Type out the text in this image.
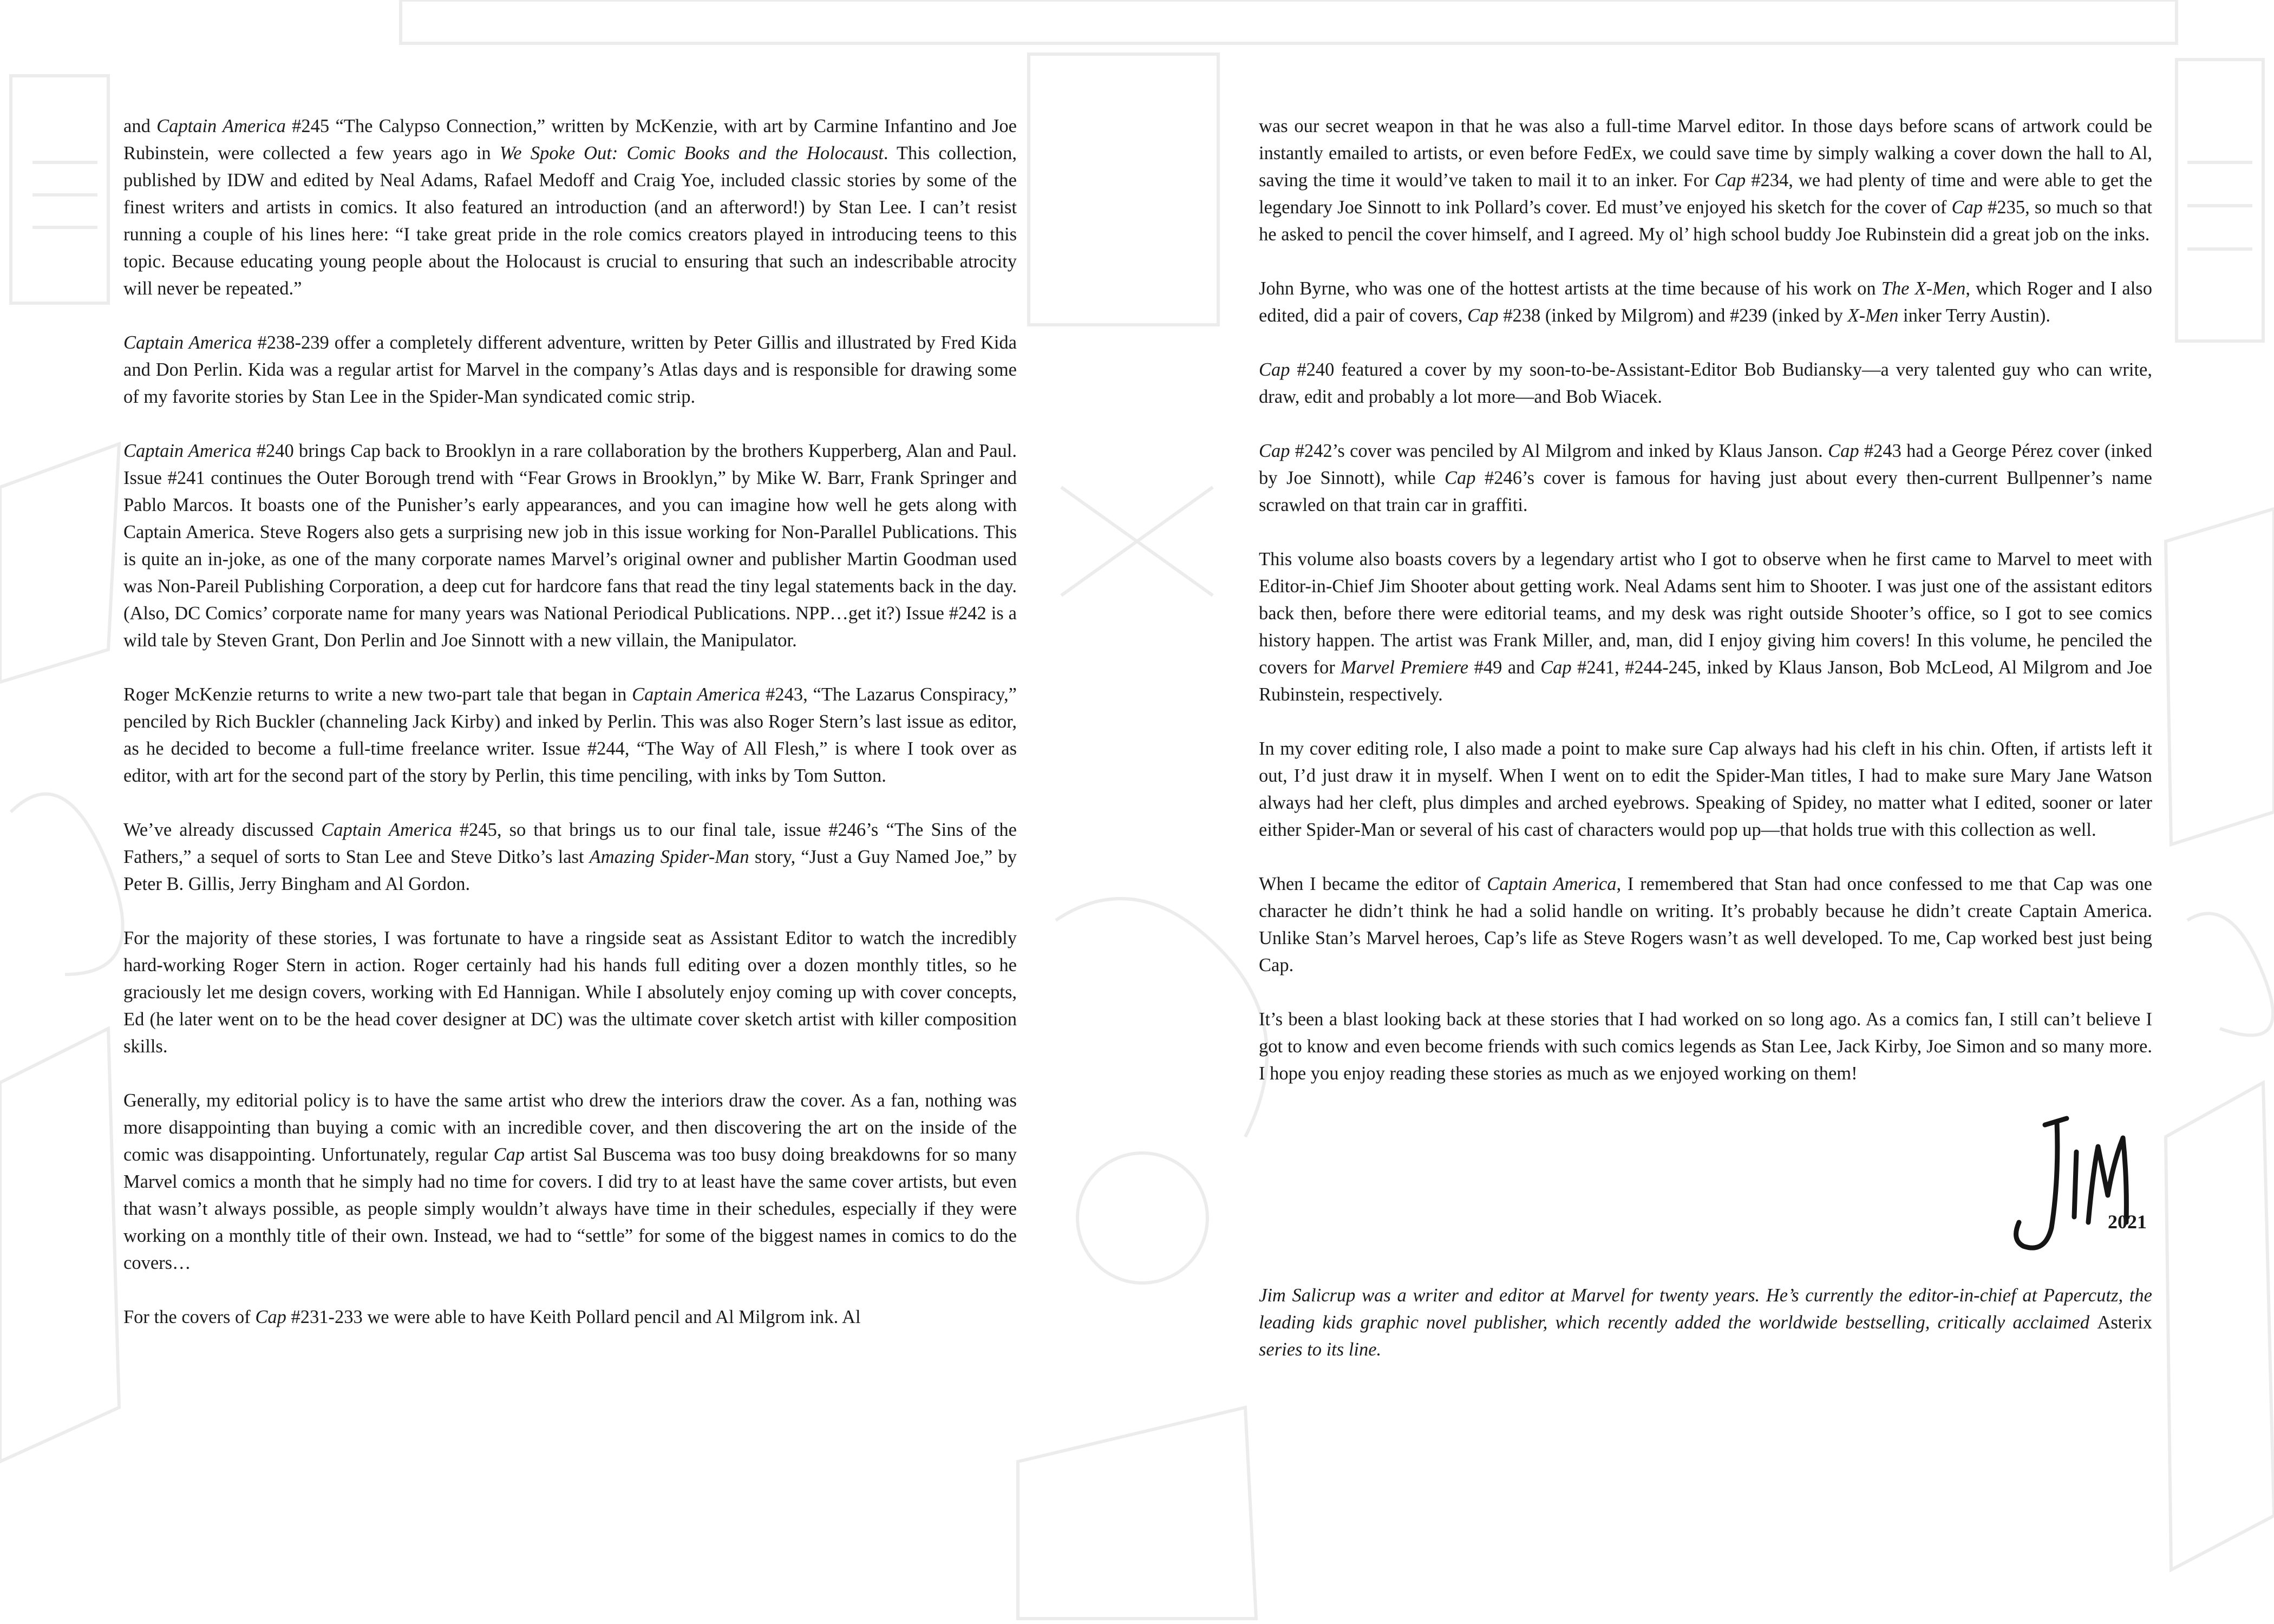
and Captain America #245 “The Calypso Connection,” written by McKenzie, with art by Carmine Infantino and Joe Rubinstein, were collected a few years ago in We Spoke Out: Comic Books and the Holocaust. This collection, published by IDW and edited by Neal Adams, Rafael Medoff and Craig Yoe, included classic stories by some of the finest writers and artists in comics. It also featured an introduction (and an afterword!) by Stan Lee. I can’t resist running a couple of his lines here: “I take great pride in the role comics creators played in introducing teens to this topic. Because educating young people about the Holocaust is crucial to ensuring that such an indescribable atrocity will never be repeated.”

Captain America #238-239 offer a completely different adventure, written by Peter Gillis and illustrated by Fred Kida and Don Perlin. Kida was a regular artist for Marvel in the company’s Atlas days and is responsible for drawing some of my favorite stories by Stan Lee in the Spider-Man syndicated comic strip.

Captain America #240 brings Cap back to Brooklyn in a rare collaboration by the brothers Kupperberg, Alan and Paul. Issue #241 continues the Outer Borough trend with “Fear Grows in Brooklyn,” by Mike W. Barr, Frank Springer and Pablo Marcos. It boasts one of the Punisher’s early appearances, and you can imagine how well he gets along with Captain America. Steve Rogers also gets a surprising new job in this issue working for Non-Parallel Publications. This is quite an in-joke, as one of the many corporate names Marvel’s original owner and publisher Martin Goodman used was Non-Pareil Publishing Corporation, a deep cut for hardcore fans that read the tiny legal statements back in the day. (Also, DC Comics’ corporate name for many years was National Periodical Publications. NPP…get it?) Issue #242 is a wild tale by Steven Grant, Don Perlin and Joe Sinnott with a new villain, the Manipulator.

Roger McKenzie returns to write a new two-part tale that began in Captain America #243, “The Lazarus Conspiracy,” penciled by Rich Buckler (channeling Jack Kirby) and inked by Perlin. This was also Roger Stern’s last issue as editor, as he decided to become a full-time freelance writer. Issue #244, “The Way of All Flesh,” is where I took over as editor, with art for the second part of the story by Perlin, this time penciling, with inks by Tom Sutton.

We’ve already discussed Captain America #245, so that brings us to our final tale, issue #246’s “The Sins of the Fathers,” a sequel of sorts to Stan Lee and Steve Ditko’s last Amazing Spider-Man story, “Just a Guy Named Joe,” by Peter B. Gillis, Jerry Bingham and Al Gordon.

For the majority of these stories, I was fortunate to have a ringside seat as Assistant Editor to watch the incredibly hard-working Roger Stern in action. Roger certainly had his hands full editing over a dozen monthly titles, so he graciously let me design covers, working with Ed Hannigan. While I absolutely enjoy coming up with cover concepts, Ed (he later went on to be the head cover designer at DC) was the ultimate cover sketch artist with killer composition skills.

Generally, my editorial policy is to have the same artist who drew the interiors draw the cover. As a fan, nothing was more disappointing than buying a comic with an incredible cover, and then discovering the art on the inside of the comic was disappointing. Unfortunately, regular Cap artist Sal Buscema was too busy doing breakdowns for so many Marvel comics a month that he simply had no time for covers. I did try to at least have the same cover artists, but even that wasn’t always possible, as people simply wouldn’t always have time in their schedules, especially if they were working on a monthly title of their own. Instead, we had to “settle” for some of the biggest names in comics to do the covers…

For the covers of Cap #231-233 we were able to have Keith Pollard pencil and Al Milgrom ink. Al

was our secret weapon in that he was also a full-time Marvel editor. In those days before scans of artwork could be instantly emailed to artists, or even before FedEx, we could save time by simply walking a cover down the hall to Al, saving the time it would’ve taken to mail it to an inker. For Cap #234, we had plenty of time and were able to get the legendary Joe Sinnott to ink Pollard’s cover. Ed must’ve enjoyed his sketch for the cover of Cap #235, so much so that he asked to pencil the cover himself, and I agreed. My ol’ high school buddy Joe Rubinstein did a great job on the inks.

John Byrne, who was one of the hottest artists at the time because of his work on The X-Men, which Roger and I also edited, did a pair of covers, Cap #238 (inked by Milgrom) and #239 (inked by X-Men inker Terry Austin).

Cap #240 featured a cover by my soon-to-be-Assistant-Editor Bob Budiansky—a very talented guy who can write, draw, edit and probably a lot more—and Bob Wiacek.

Cap #242’s cover was penciled by Al Milgrom and inked by Klaus Janson. Cap #243 had a George Pérez cover (inked by Joe Sinnott), while Cap #246’s cover is famous for having just about every then-current Bullpenner’s name scrawled on that train car in graffiti.

This volume also boasts covers by a legendary artist who I got to observe when he first came to Marvel to meet with Editor-in-Chief Jim Shooter about getting work. Neal Adams sent him to Shooter. I was just one of the assistant editors back then, before there were editorial teams, and my desk was right outside Shooter’s office, so I got to see comics history happen. The artist was Frank Miller, and, man, did I enjoy giving him covers! In this volume, he penciled the covers for Marvel Premiere #49 and Cap #241, #244-245, inked by Klaus Janson, Bob McLeod, Al Milgrom and Joe Rubinstein, respectively.

In my cover editing role, I also made a point to make sure Cap always had his cleft in his chin. Often, if artists left it out, I’d just draw it in myself. When I went on to edit the Spider-Man titles, I had to make sure Mary Jane Watson always had her cleft, plus dimples and arched eyebrows. Speaking of Spidey, no matter what I edited, sooner or later either Spider-Man or several of his cast of characters would pop up—that holds true with this collection as well.

When I became the editor of Captain America, I remembered that Stan had once confessed to me that Cap was one character he didn’t think he had a solid handle on writing. It’s probably because he didn’t create Captain America. Unlike Stan’s Marvel heroes, Cap’s life as Steve Rogers wasn’t as well developed. To me, Cap worked best just being Cap.

It’s been a blast looking back at these stories that I had worked on so long ago. As a comics fan, I still can’t believe I got to know and even become friends with such comics legends as Stan Lee, Jack Kirby, Joe Simon and so many more. I hope you enjoy reading these stories as much as we enjoyed working on them!

2021

Jim Salicrup was a writer and editor at Marvel for twenty years. He’s currently the editor-in-chief at Papercutz, the leading kids graphic novel publisher, which recently added the worldwide bestselling, critically acclaimed Asterix series to its line.
